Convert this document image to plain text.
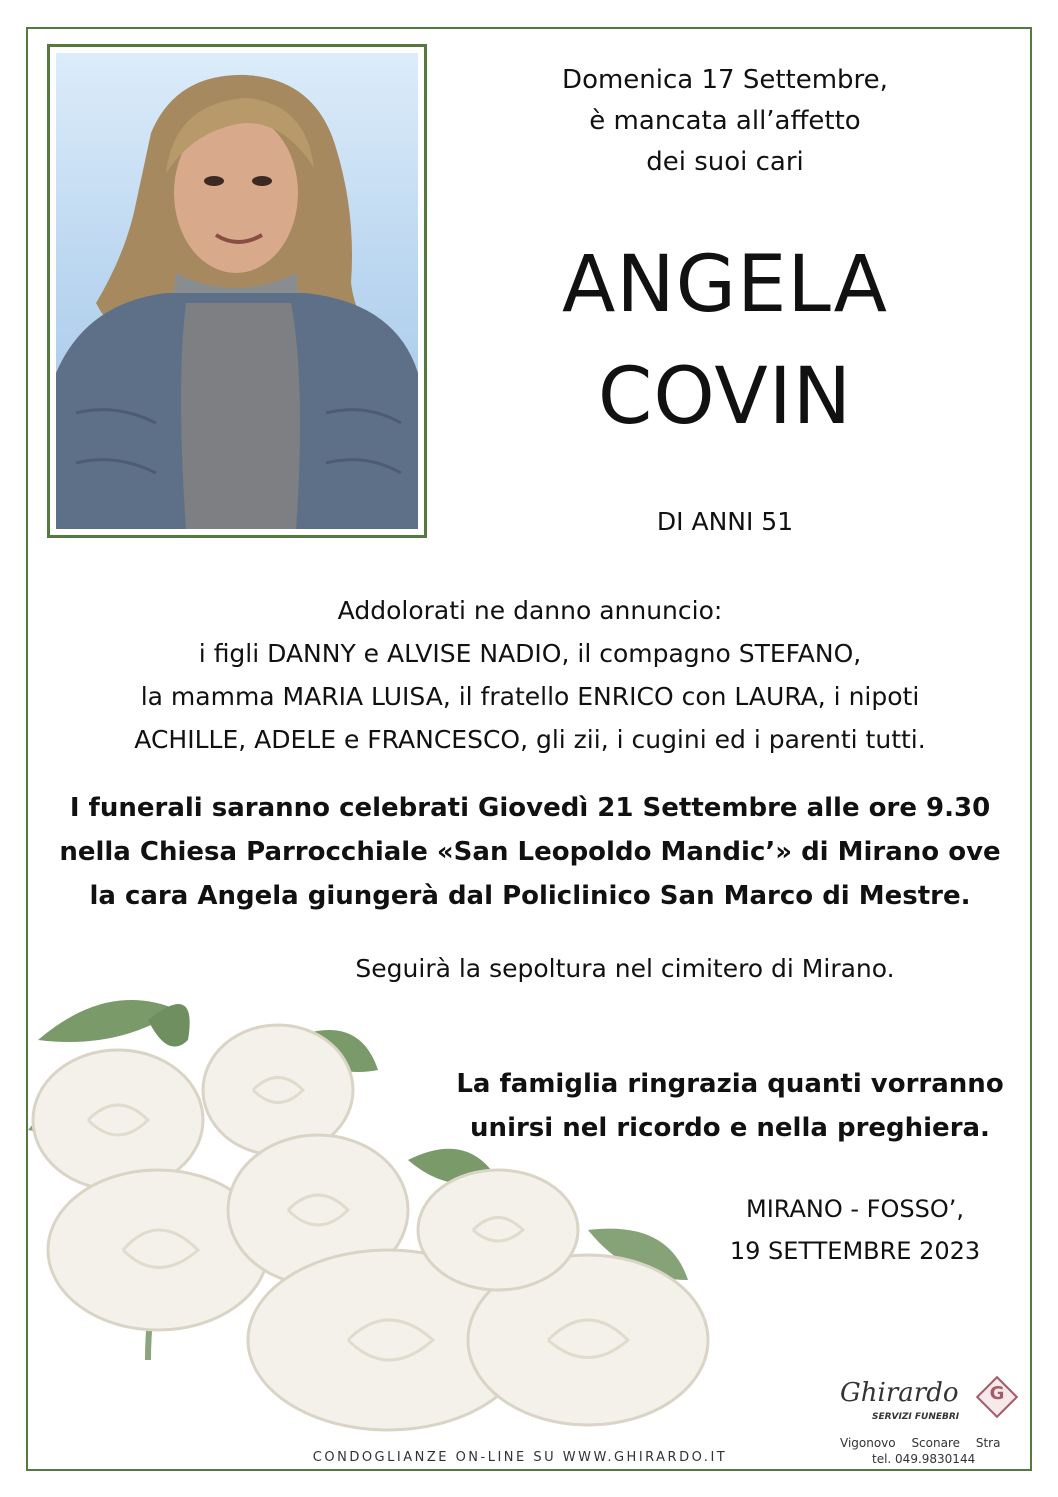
Domenica 17 Settembre,
è mancata all’affetto
dei suoi cari
ANGELA
COVIN
DI ANNI 51
Addolorati ne danno annuncio:
i figli DANNY e ALVISE NADIO, il compagno STEFANO,
la mamma MARIA LUISA, il fratello ENRICO con LAURA, i nipoti
ACHILLE, ADELE e FRANCESCO, gli zii, i cugini ed i parenti tutti.
I funerali saranno celebrati Giovedì 21 Settembre alle ore 9.30
nella Chiesa Parrocchiale «San Leopoldo Mandic’» di Mirano ove
la cara Angela giungerà dal Policlinico San Marco di Mestre.
Seguirà la sepoltura nel cimitero di Mirano.
La famiglia ringrazia quanti vorranno
unirsi nel ricordo e nella preghiera.
MIRANO - FOSSO’,
19 SETTEMBRE 2023
Ghirardo
SERVIZI FUNEBRI
G
Vigonovo Sconare Stra
tel. 049.9830144
CONDOGLIANZE ON-LINE SU WWW.GHIRARDO.IT
